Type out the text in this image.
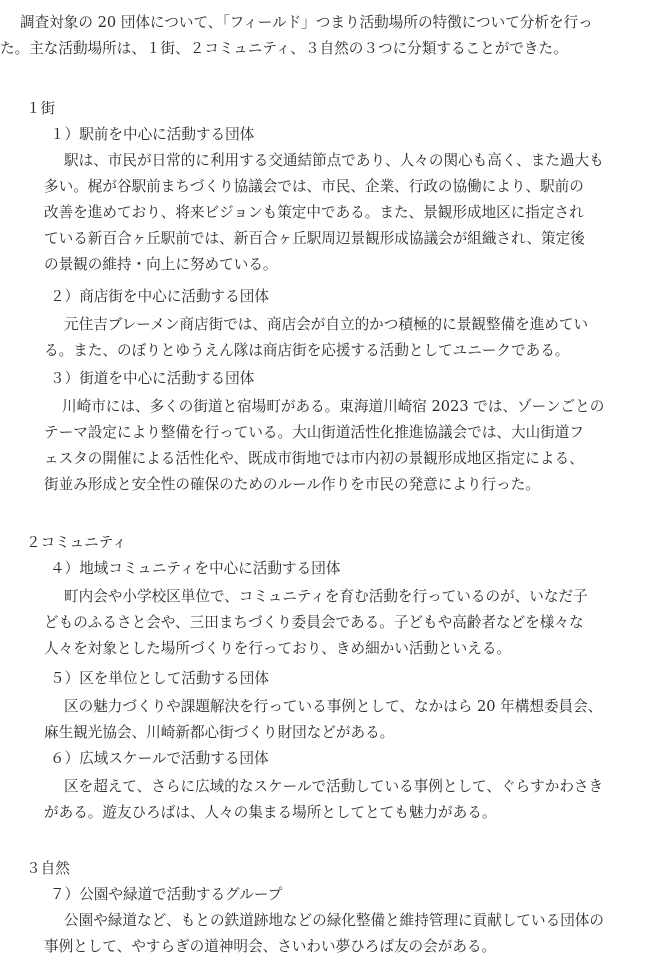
調査対象の 20 団体について、「フィールド」つまり活動場所の特徴について分析を行っ
た。主な活動場所は、１街、２コミュニティ、３自然の３つに分類することができた。
１街
１）駅前を中心に活動する団体
駅は、市民が日常的に利用する交通結節点であり、人々の関心も高く、また過大も
多い。梶が谷駅前まちづくり協議会では、市民、企業、行政の協働により、駅前の
改善を進めており、将来ビジョンも策定中である。また、景観形成地区に指定され
ている新百合ヶ丘駅前では、新百合ヶ丘駅周辺景観形成協議会が組織され、策定後
の景観の維持・向上に努めている。
２）商店街を中心に活動する団体
元住吉ブレーメン商店街では、商店会が自立的かつ積極的に景観整備を進めてい
る。また、のぼりとゆうえん隊は商店街を応援する活動としてユニークである。
３）街道を中心に活動する団体
川崎市には、多くの街道と宿場町がある。東海道川崎宿 2023 では、ゾーンごとの
テーマ設定により整備を行っている。大山街道活性化推進協議会では、大山街道フ
ェスタの開催による活性化や、既成市街地では市内初の景観形成地区指定による、
街並み形成と安全性の確保のためのルール作りを市民の発意により行った。
２コミュニティ
４）地域コミュニティを中心に活動する団体
町内会や小学校区単位で、コミュニティを育む活動を行っているのが、いなだ子
どものふるさと会や、三田まちづくり委員会である。子どもや高齢者などを様々な
人々を対象とした場所づくりを行っており、きめ細かい活動といえる。
５）区を単位として活動する団体
区の魅力づくりや課題解決を行っている事例として、なかはら 20 年構想委員会、
麻生観光協会、川崎新都心街づくり財団などがある。
６）広域スケールで活動する団体
区を超えて、さらに広域的なスケールで活動している事例として、ぐらすかわさき
がある。遊友ひろばは、人々の集まる場所としてとても魅力がある。
３自然
７）公園や緑道で活動するグループ
公園や緑道など、もとの鉄道跡地などの緑化整備と維持管理に貢献している団体の
事例として、やすらぎの道神明会、さいわい夢ひろば友の会がある。
